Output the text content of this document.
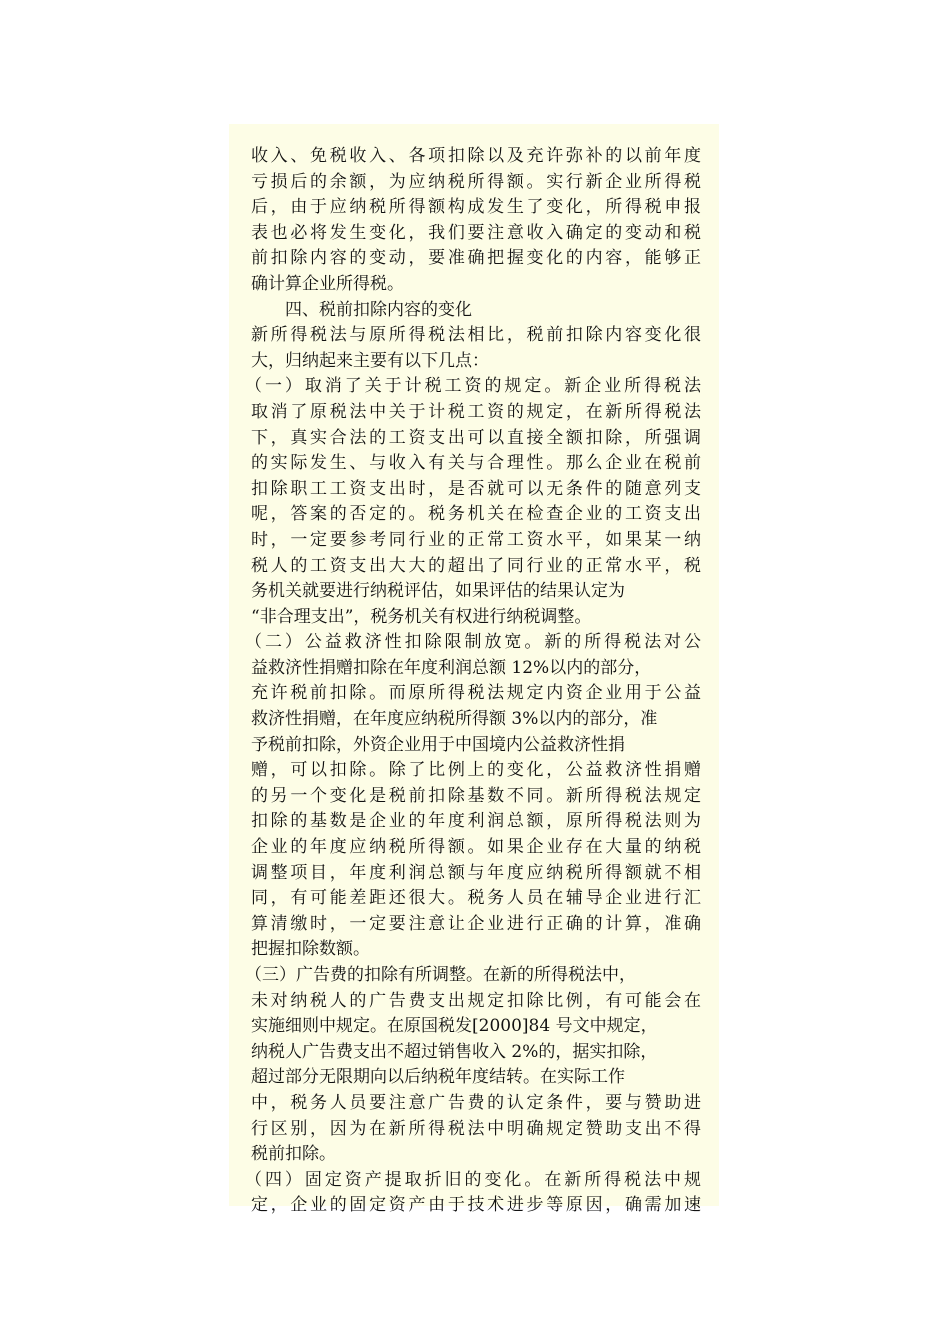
收入、免税收入、各项扣除以及充许弥补的以前年度
亏损后的余额，为应纳税所得额。实行新企业所得税
后，由于应纳税所得额构成发生了变化，所得税申报
表也必将发生变化，我们要注意收入确定的变动和税
前扣除内容的变动，要准确把握变化的内容，能够正
确计算企业所得税。
四、税前扣除内容的变化
新所得税法与原所得税法相比，税前扣除内容变化很
大，归纳起来主要有以下几点：
（一）取消了关于计税工资的规定。新企业所得税法
取消了原税法中关于计税工资的规定，在新所得税法
下，真实合法的工资支出可以直接全额扣除，所强调
的实际发生、与收入有关与合理性。那么企业在税前
扣除职工工资支出时，是否就可以无条件的随意列支
呢，答案的否定的。税务机关在检查企业的工资支出
时，一定要参考同行业的正常工资水平，如果某一纳
税人的工资支出大大的超出了同行业的正常水平，税
务机关就要进行纳税评估，如果评估的结果认定为
“非合理支出”，税务机关有权进行纳税调整。
（二）公益救济性扣除限制放宽。新的所得税法对公
益救济性捐赠扣除在年度利润总额 12%以内的部分，
充许税前扣除。而原所得税法规定内资企业用于公益
救济性捐赠，在年度应纳税所得额 3%以内的部分，准
予税前扣除，外资企业用于中国境内公益救济性捐
赠，可以扣除。除了比例上的变化，公益救济性捐赠
的另一个变化是税前扣除基数不同。新所得税法规定
扣除的基数是企业的年度利润总额，原所得税法则为
企业的年度应纳税所得额。如果企业存在大量的纳税
调整项目，年度利润总额与年度应纳税所得额就不相
同，有可能差距还很大。税务人员在辅导企业进行汇
算清缴时，一定要注意让企业进行正确的计算，准确
把握扣除数额。
（三）广告费的扣除有所调整。在新的所得税法中，
未对纳税人的广告费支出规定扣除比例，有可能会在
实施细则中规定。在原国税发[2000]84 号文中规定，
纳税人广告费支出不超过销售收入 2%的，据实扣除，
超过部分无限期向以后纳税年度结转。在实际工作
中，税务人员要注意广告费的认定条件，要与赞助进
行区别，因为在新所得税法中明确规定赞助支出不得
税前扣除。
（四）固定资产提取折旧的变化。在新所得税法中规
定，企业的固定资产由于技术进步等原因，确需加速
